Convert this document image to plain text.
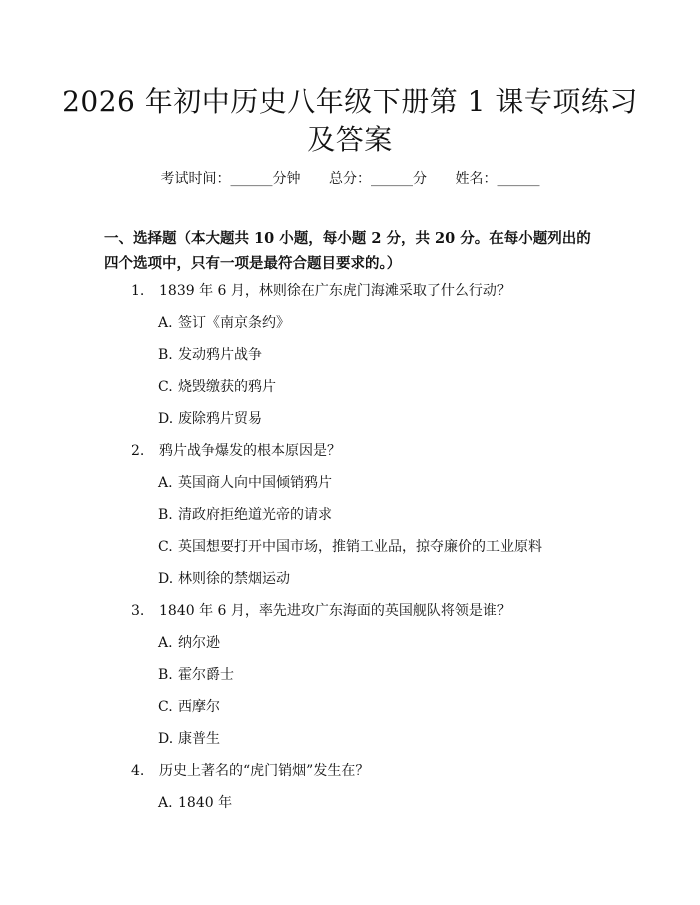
2026 年初中历史八年级下册第 1 课专项练习
及答案
考试时间：______分钟 总分：______分 姓名：______
一、选择题（本大题共 10 小题，每小题 2 分，共 20 分。在每小题列出的四个选项中，只有一项是最符合题目要求的。）
1. 1839 年 6 月，林则徐在广东虎门海滩采取了什么行动？
A. 签订《南京条约》
B. 发动鸦片战争
C. 烧毁缴获的鸦片
D. 废除鸦片贸易
2. 鸦片战争爆发的根本原因是？
A. 英国商人向中国倾销鸦片
B. 清政府拒绝道光帝的请求
C. 英国想要打开中国市场，推销工业品，掠夺廉价的工业原料
D. 林则徐的禁烟运动
3. 1840 年 6 月，率先进攻广东海面的英国舰队将领是谁？
A. 纳尔逊
B. 霍尔爵士
C. 西摩尔
D. 康普生
4. 历史上著名的“虎门销烟”发生在？
A. 1840 年
